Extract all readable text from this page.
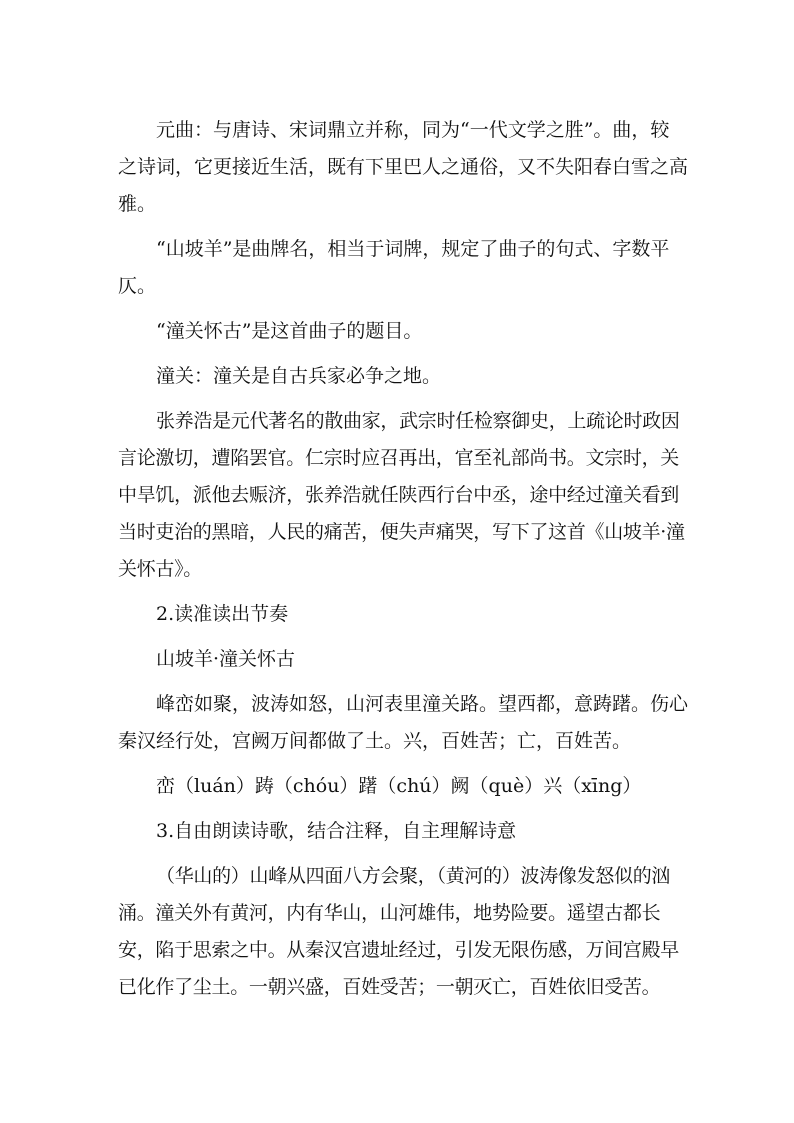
元曲：与唐诗、宋词鼎立并称，同为“一代文学之胜”。曲，较之诗词，它更接近生活，既有下里巴人之通俗，又不失阳春白雪之高雅。

“山坡羊”是曲牌名，相当于词牌，规定了曲子的句式、字数平仄。

“潼关怀古”是这首曲子的题目。

潼关：潼关是自古兵家必争之地。

张养浩是元代著名的散曲家，武宗时任检察御史，上疏论时政因言论激切，遭陷罢官。仁宗时应召再出，官至礼部尚书。文宗时，关中旱饥，派他去赈济，张养浩就任陕西行台中丞，途中经过潼关看到当时吏治的黑暗，人民的痛苦，便失声痛哭，写下了这首《山坡羊·潼关怀古》。

2.读准读出节奏

山坡羊·潼关怀古

峰峦如聚，波涛如怒，山河表里潼关路。望西都，意踌躇。伤心秦汉经行处，宫阙万间都做了土。兴，百姓苦；亡，百姓苦。

峦（luán）踌（chóu）躇（chú）阙（què）兴（xīng）

3.自由朗读诗歌，结合注释，自主理解诗意

（华山的）山峰从四面八方会聚，（黄河的）波涛像发怒似的汹涌。潼关外有黄河，内有华山，山河雄伟，地势险要。遥望古都长安，陷于思索之中。从秦汉宫遗址经过，引发无限伤感，万间宫殿早已化作了尘土。一朝兴盛，百姓受苦；一朝灭亡，百姓依旧受苦。
